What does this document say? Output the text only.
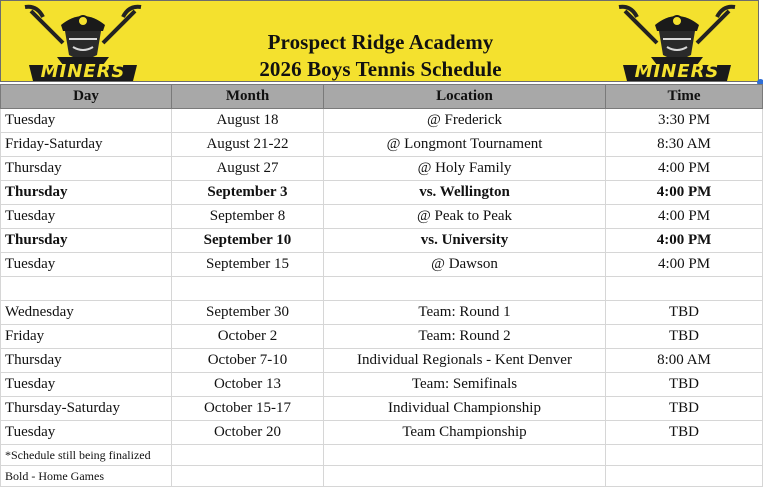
MINERS
Prospect Ridge Academy
2026 Boys Tennis Schedule	MINERS
Day	Month	Location	Time
Tuesday	August 18	@ Frederick	3:30 PM
Friday-Saturday	August 21-22	@ Longmont Tournament	8:30 AM
Thursday	August 27	@ Holy Family	4:00 PM
Thursday	September 3	vs. Wellington	4:00 PM
Tuesday	September 8	@ Peak to Peak	4:00 PM
Thursday	September 10	vs. University	4:00 PM
Tuesday	September 15	@ Dawson	4:00 PM

Wednesday	September 30	Team: Round 1	TBD
Friday	October 2	Team: Round 2	TBD
Thursday	October 7-10	Individual Regionals - Kent Denver	8:00 AM
Tuesday	October 13	Team: Semifinals	TBD
Thursday-Saturday	October 15-17	Individual Championship	TBD
Tuesday	October 20	Team Championship	TBD
*Schedule still being finalized			
Bold - Home Games			
